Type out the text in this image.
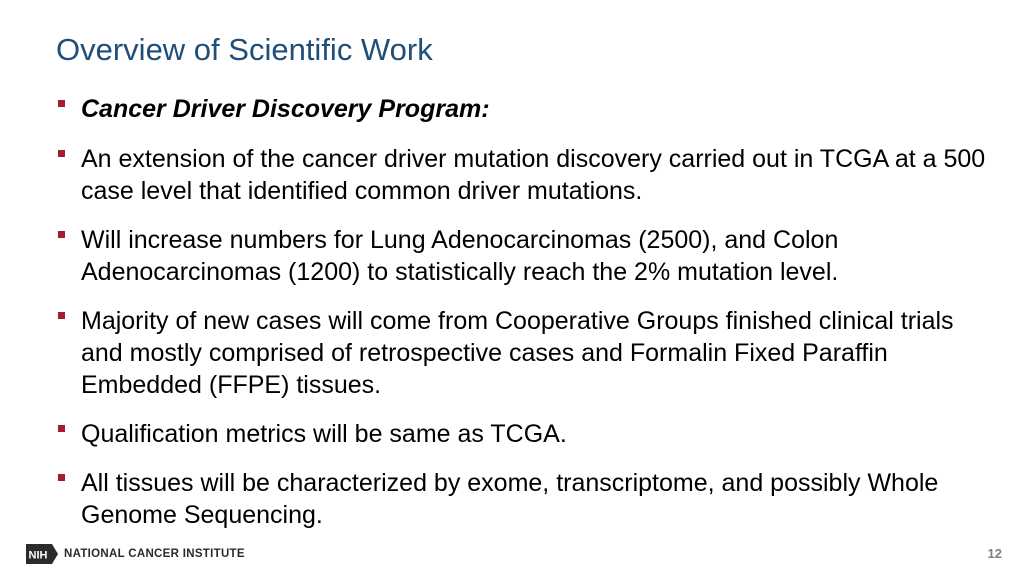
Overview of Scientific Work
Cancer Driver Discovery Program:
An extension of the cancer driver mutation discovery carried out in TCGA at a 500 case level that identified common driver mutations.
Will increase numbers for Lung Adenocarcinomas (2500), and Colon Adenocarcinomas (1200) to statistically reach the 2% mutation level.
Majority of new cases will come from Cooperative Groups finished clinical trials and mostly comprised of retrospective cases and Formalin Fixed Paraffin Embedded (FFPE) tissues.
Qualification metrics will be same as TCGA.
All tissues will be characterized by exome, transcriptome, and possibly Whole Genome Sequencing.
NIH NATIONAL CANCER INSTITUTE	12
